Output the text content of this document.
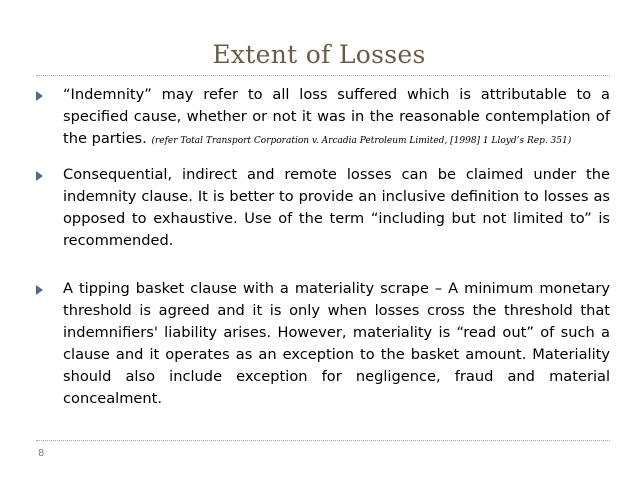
Extent of Losses

“Indemnity” may refer to all loss suffered which is attributable to a specified cause, whether or not it was in the reasonable contemplation of the parties. (refer Total Transport Corporation v. Arcadia Petroleum Limited, [1998] 1 Lloyd’s Rep. 351)

Consequential, indirect and remote losses can be claimed under the indemnity clause. It is better to provide an inclusive definition to losses as opposed to exhaustive. Use of the term “including but not limited to” is recommended.

A tipping basket clause with a materiality scrape – A minimum monetary threshold is agreed and it is only when losses cross the threshold that indemnifiers' liability arises. However, materiality is “read out” of such a clause and it operates as an exception to the basket amount. Materiality should also include exception for negligence, fraud and material concealment.

8
